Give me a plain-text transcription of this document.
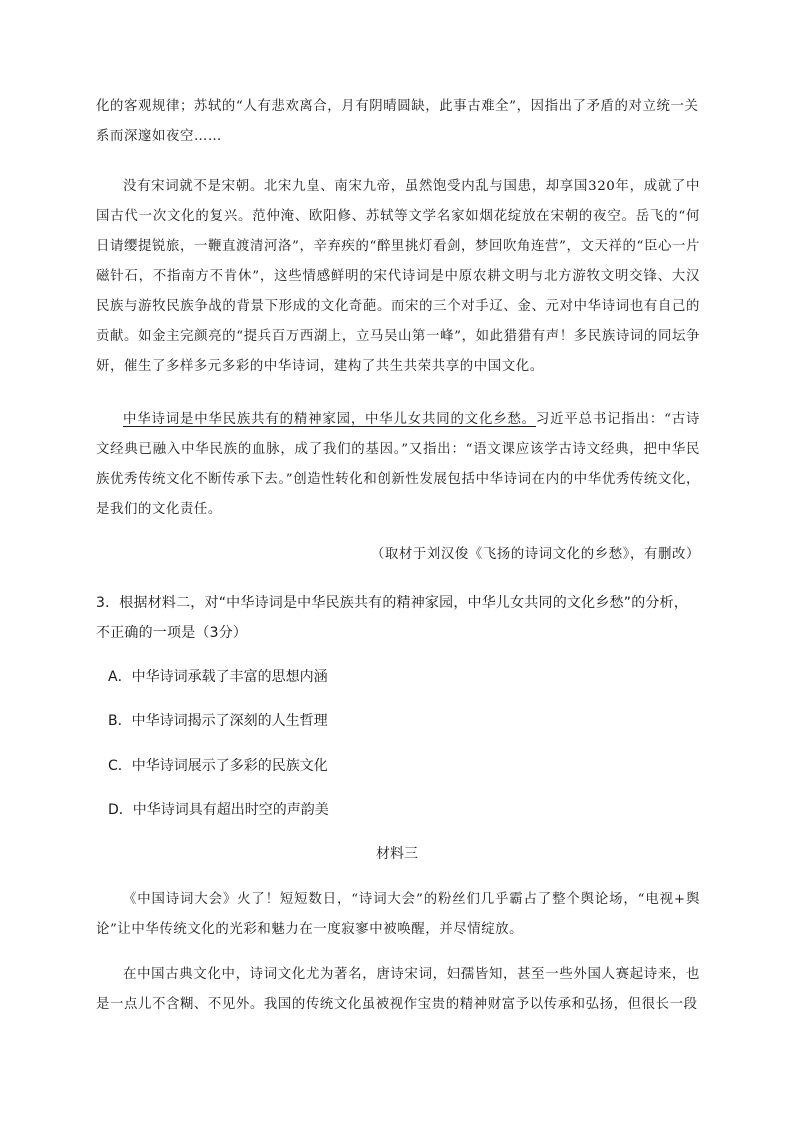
化的客观规律；苏轼的“人有悲欢离合，月有阴晴圆缺，此事古难全”，因指出了矛盾的对立统一关
系而深邃如夜空……

没有宋词就不是宋朝。北宋九皇、南宋九帝，虽然饱受内乱与国患，却享国320年，成就了中国古代一次文化的复兴。范仲淹、欧阳修、苏轼等文学名家如烟花绽放在宋朝的夜空。岳飞的“何日请缨提锐旅，一鞭直渡清河洛”，辛弃疾的“醉里挑灯看剑，梦回吹角连营”，文天祥的“臣心一片磁针石，不指南方不肯休”，这些情感鲜明的宋代诗词是中原农耕文明与北方游牧文明交锋、大汉民族与游牧民族争战的背景下形成的文化奇葩。而宋的三个对手辽、金、元对中华诗词也有自己的贡献。如金主完颜亮的“提兵百万西湖上，立马吴山第一峰”，如此猎猎有声！多民族诗词的同坛争妍，催生了多样多元多彩的中华诗词，建构了共生共荣共享的中国文化。

中华诗词是中华民族共有的精神家园，中华儿女共同的文化乡愁。习近平总书记指出：“古诗文经典已融入中华民族的血脉，成了我们的基因。”又指出：“语文课应该学古诗文经典，把中华民族优秀传统文化不断传承下去。”创造性转化和创新性发展包括中华诗词在内的中华优秀传统文化，是我们的文化责任。

（取材于刘汉俊《飞扬的诗词文化的乡愁》，有删改）

3．根据材料二，对“中华诗词是中华民族共有的精神家园，中华儿女共同的文化乡愁”的分析，不正确的一项是（3分）

A．中华诗词承载了丰富的思想内涵

B．中华诗词揭示了深刻的人生哲理

C．中华诗词展示了多彩的民族文化

D．中华诗词具有超出时空的声韵美

材料三

《中国诗词大会》火了！短短数日，“诗词大会”的粉丝们几乎霸占了整个舆论场，“电视+舆论”让中华传统文化的光彩和魅力在一度寂寥中被唤醒，并尽情绽放。

在中国古典文化中，诗词文化尤为著名，唐诗宋词，妇孺皆知，甚至一些外国人赛起诗来，也是一点儿不含糊、不见外。我国的传统文化虽被视作宝贵的精神财富予以传承和弘扬，但很长一段
